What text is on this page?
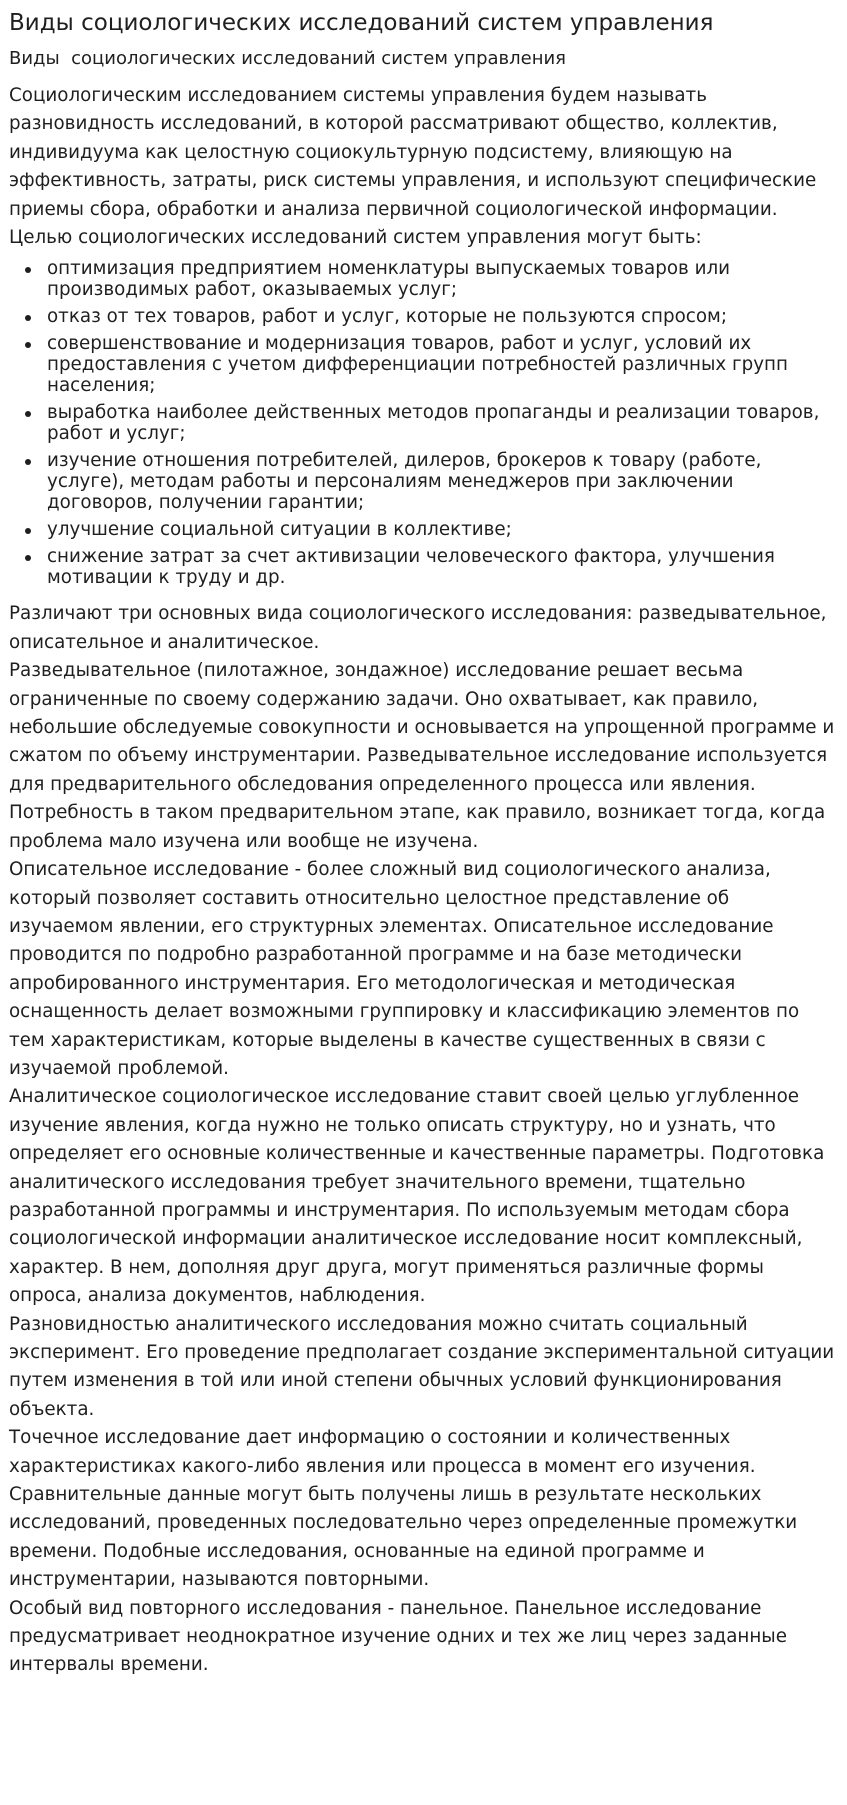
Виды социологических исследований систем управления
Виды  социологических исследований систем управления

Социологическим исследованием системы управления будем называть разновидность исследований, в которой рассматривают общество, коллектив, индивидуума как целостную социокультурную подсистему, влияющую на эффективность, затраты, риск системы управления, и используют специфические приемы сбора, обработки и анализа первичной социологической информации.

Целью социологических исследований систем управления могут быть:

оптимизация предприятием номенклатуры выпускаемых товаров или производимых работ, оказываемых услуг;
отказ от тех товаров, работ и услуг, которые не пользуются спросом;
совершенствование и модернизация товаров, работ и услуг, условий их предоставления с учетом дифференциации потребностей различных групп населения;
выработка наиболее действенных методов пропаганды и реализации товаров, работ и услуг;
изучение отношения потребителей, дилеров, брокеров к товару (работе, услуге), методам работы и персоналиям менеджеров при заключении договоров, получении гарантии;
улучшение социальной ситуации в коллективе;
снижение затрат за счет активизации человеческого фактора, улучшения мотивации к труду и др.

Различают три основных вида социологического исследования: разведывательное, описательное и аналитическое.

Разведывательное (пилотажное, зондажное) исследование решает весьма ограниченные по своему содержанию задачи. Оно охватывает, как правило, небольшие обследуемые совокупности и основывается на упрощенной программе и сжатом по объему инструментарии. Разведывательное исследование используется для предварительного обследования определенного процесса или явления. Потребность в таком предварительном этапе, как правило, возникает тогда, когда проблема мало изучена или вообще не изучена.

Описательное исследование - более сложный вид социологического анализа, который позволяет составить относительно целостное представление об изучаемом явлении, его структурных элементах. Описательное исследование проводится по подробно разработанной программе и на базе методически апробированного инструментария. Его методологическая и методическая оснащенность делает возможными группировку и классификацию элементов по тем характеристикам, которые выделены в качестве существенных в связи с изучаемой проблемой.

Аналитическое социологическое исследование ставит своей целью углубленное изучение явления, когда нужно не только описать структуру, но и узнать, что определяет его основные количественные и качественные параметры. Подготовка аналитического исследования требует значительного времени, тщательно разработанной программы и инструментария. По используемым методам сбора социологической информации аналитическое исследование носит комплексный, характер. В нем, дополняя друг друга, могут применяться различные формы опроса, анализа документов, наблюдения.

Разновидностью аналитического исследования можно считать социальный эксперимент. Его проведение предполагает создание экспериментальной ситуации путем изменения в той или иной степени обычных условий функционирования объекта.

Точечное исследование дает информацию о состоянии и количественных характеристиках какого-либо явления или процесса в момент его изучения. Сравнительные данные могут быть получены лишь в результате нескольких исследований, проведенных последовательно через определенные промежутки времени. Подобные исследования, основанные на единой программе и инструментарии, называются повторными.

Особый вид повторного исследования - панельное. Панельное исследование предусматривает неоднократное изучение одних и тех же лиц через заданные интервалы времени.
